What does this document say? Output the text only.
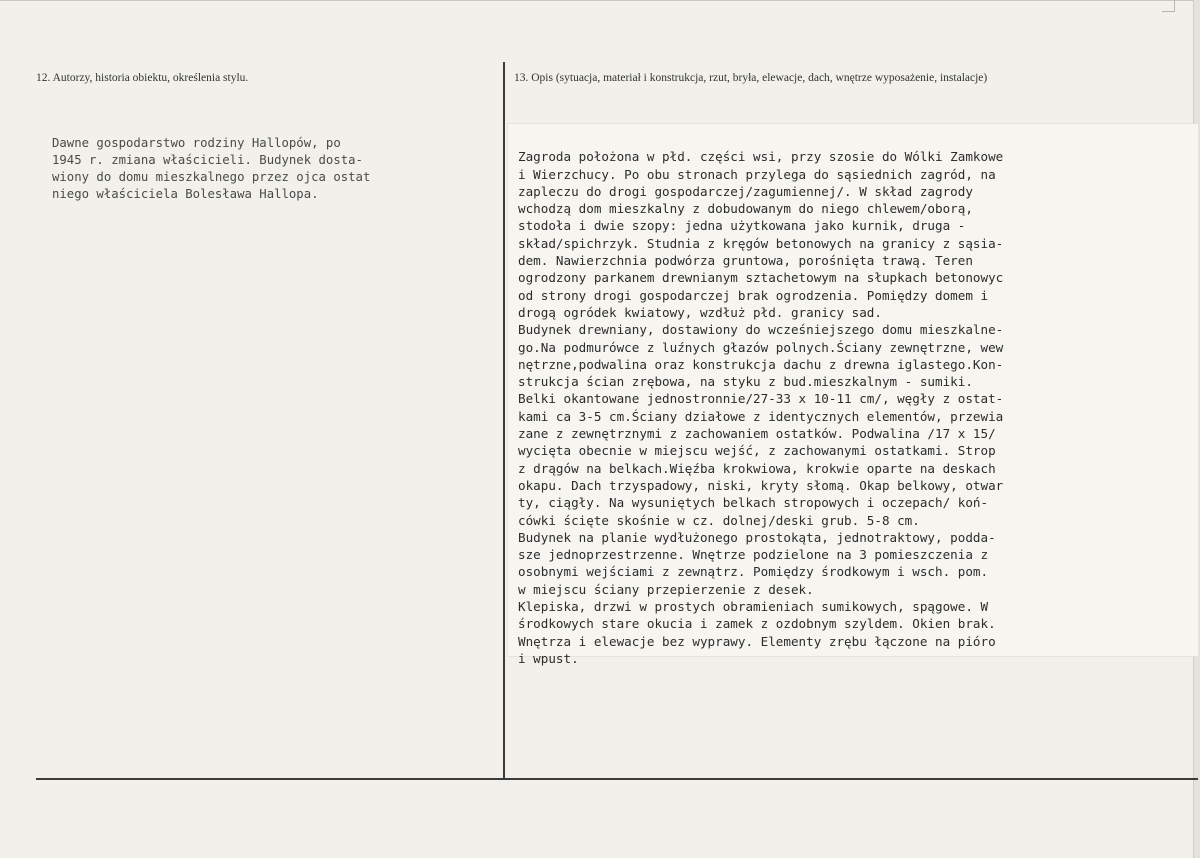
12. Autorzy, historia obiektu, określenia stylu.	13. Opis (sytuacja, materiał i konstrukcja, rzut, bryła, elewacje, dach, wnętrze wyposażenie, instalacje)

Dawne gospodarstwo rodziny Hallopów, po
1945 r. zmiana właścicieli. Budynek dosta-
wiony do domu mieszkalnego przez ojca ostat
niego właściciela Bolesława Hallopa.

Zagroda położona w płd. części wsi, przy szosie do Wólki Zamkowe
i Wierzchucy. Po obu stronach przylega do sąsiednich zagród, na
zapleczu do drogi gospodarczej/zagumiennej/. W skład zagrody
wchodzą dom mieszkalny z dobudowanym do niego chlewem/oborą,
stodoła i dwie szopy: jedna użytkowana jako kurnik, druga -
skład/spichrzyk. Studnia z kręgów betonowych na granicy z sąsia-
dem. Nawierzchnia podwórza gruntowa, porośnięta trawą. Teren
ogrodzony parkanem drewnianym sztachetowym na słupkach betonowyc
od strony drogi gospodarczej brak ogrodzenia. Pomiędzy domem i
drogą ogródek kwiatowy, wzdłuż płd. granicy sad.
Budynek drewniany, dostawiony do wcześniejszego domu mieszkalne-
go.Na podmurówce z luźnych głazów polnych.Ściany zewnętrzne, wew
nętrzne,podwalina oraz konstrukcja dachu z drewna iglastego.Kon-
strukcja ścian zrębowa, na styku z bud.mieszkalnym - sumiki.
Belki okantowane jednostronnie/27-33 x 10-11 cm/, węgły z ostat-
kami ca 3-5 cm.Ściany działowe z identycznych elementów, przewia
zane z zewnętrznymi z zachowaniem ostatków. Podwalina /17 x 15/
wycięta obecnie w miejscu wejść, z zachowanymi ostatkami. Strop
z drągów na belkach.Więźba krokwiowa, krokwie oparte na deskach
okapu. Dach trzyspadowy, niski, kryty słomą. Okap belkowy, otwar
ty, ciągły. Na wysuniętych belkach stropowych i oczepach/ koń-
cówki ścięte skośnie w cz. dolnej/deski grub. 5-8 cm.
Budynek na planie wydłużonego prostokąta, jednotraktowy, podda-
sze jednoprzestrzenne. Wnętrze podzielone na 3 pomieszczenia z
osobnymi wejściami z zewnątrz. Pomiędzy środkowym i wsch. pom.
w miejscu ściany przepierzenie z desek.
Klepiska, drzwi w prostych obramieniach sumikowych, spągowe. W
środkowych stare okucia i zamek z ozdobnym szyldem. Okien brak.
Wnętrza i elewacje bez wyprawy. Elementy zrębu łączone na pióro
i wpust.
